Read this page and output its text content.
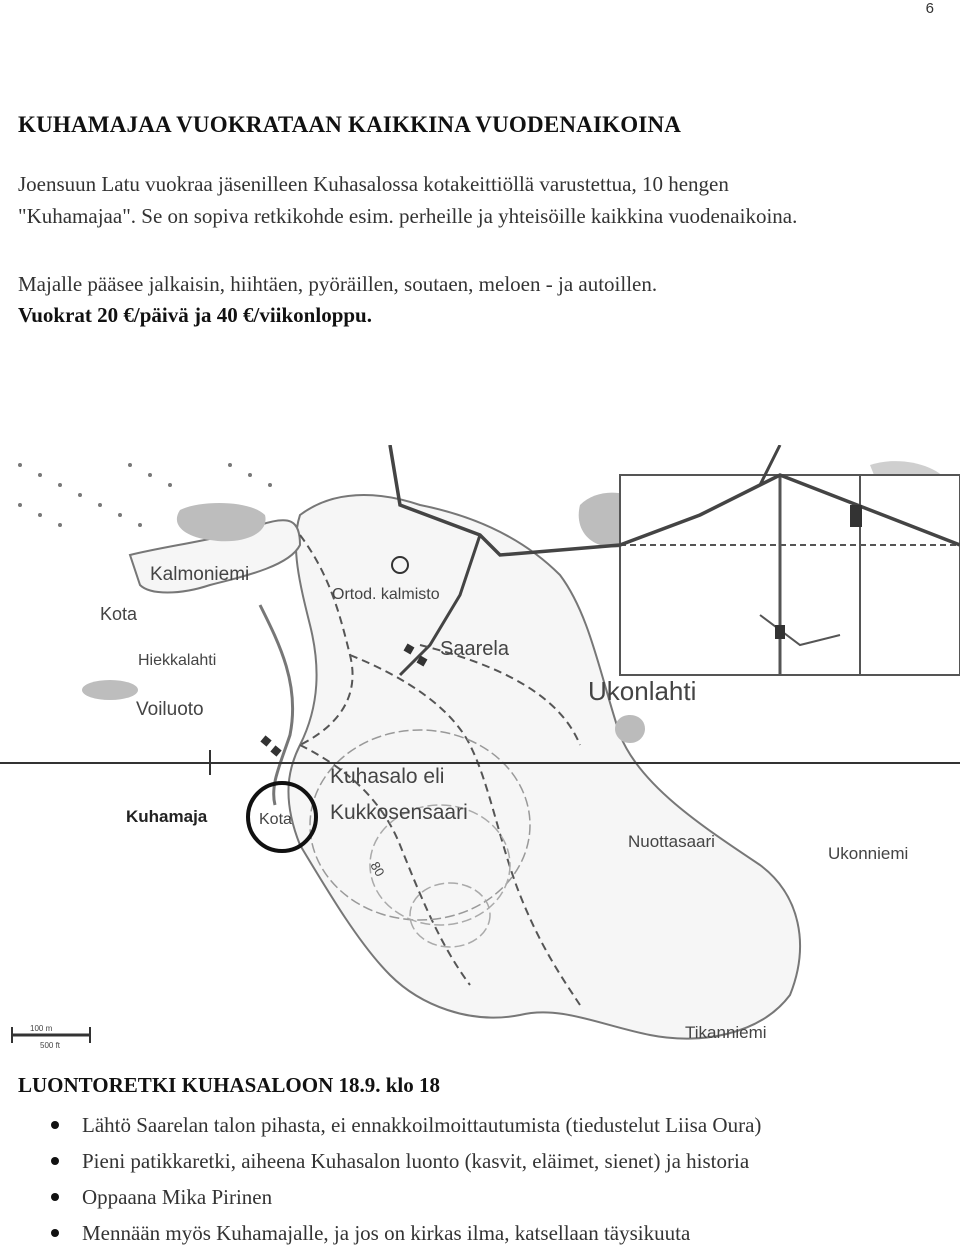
6
KUHAMAJAA VUOKRATAAN KAIKKINA VUODENAIKOINA
Joensuun Latu vuokraa jäsenilleen Kuhasalossa kotakeittiöllä varustettua, 10 hengen
"Kuhamajaa". Se on sopiva retkikohde esim. perheille ja yhteisöille kaikkina vuodenaikoina.
Majalle pääsee jalkaisin, hiihtäen, pyöräillen, soutaen, meloen - ja autoillen.
Vuokrat 20 €/päivä ja 40 €/viikonloppu.
Kalmoniemi
Kota
Ortod. kalmisto
Saarela
Hiekkalahti
Voiluoto
Ukonlahti
Kuhasalo eli
Kukkosensaari
Kuhamaja	Kota
Nuottasaari
Ukonniemi
Tikanniemi
80
100 m
500 ft
LUONTORETKI KUHASALOON 18.9. klo 18
Lähtö Saarelan talon pihasta, ei ennakkoilmoittautumista (tiedustelut Liisa Oura)
Pieni patikkaretki, aiheena Kuhasalon luonto (kasvit, eläimet, sienet) ja historia
Oppaana Mika Pirinen
Mennään myös Kuhamajalle, ja jos on kirkas ilma, katsellaan täysikuuta
